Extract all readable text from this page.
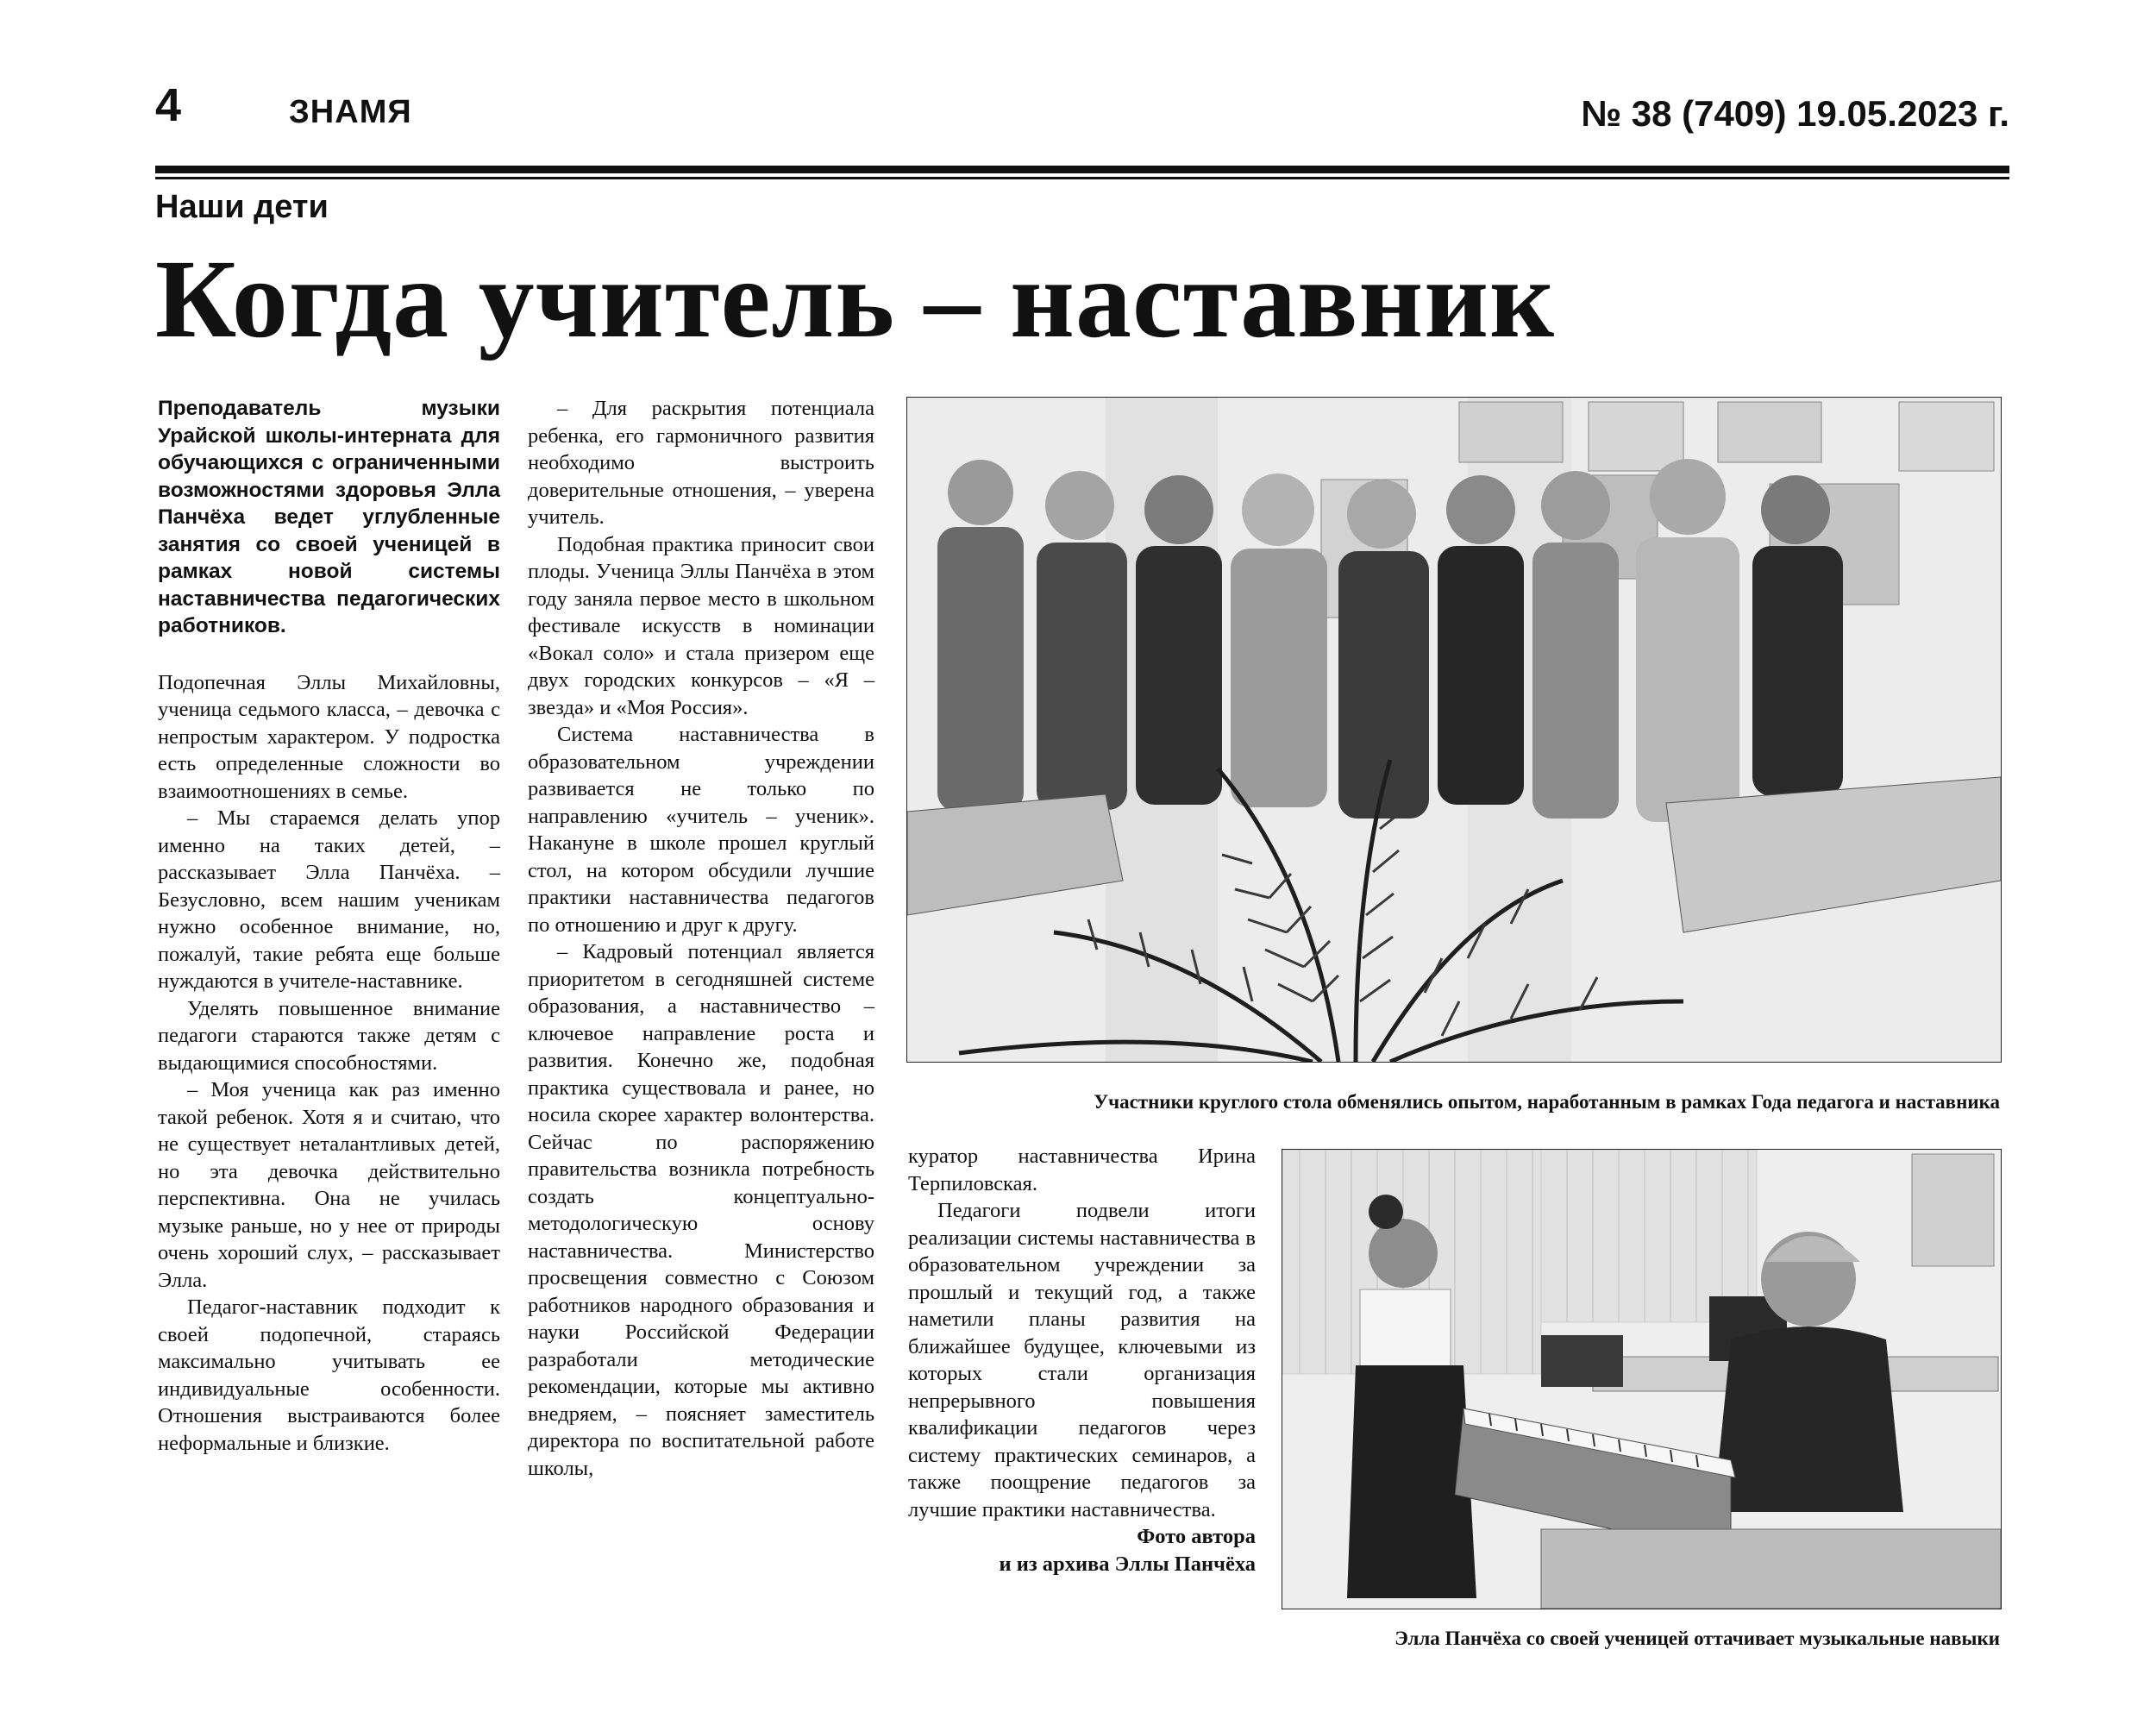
4	ЗНАМЯ	№ 38 (7409) 19.05.2023 г.
Наши дети
Когда учитель – наставник

Преподаватель музыки Урайской школы-интерната для обучающихся с ограниченными возможностями здоровья Элла Панчёха ведет углубленные занятия со своей ученицей в рамках новой системы наставничества педагогических работников.

Подопечная Эллы Михайловны, ученица седьмого класса, – девочка с непростым характером. У подростка есть определенные сложности во взаимоотношениях в семье.

– Мы стараемся делать упор именно на таких детей, – рассказывает Элла Панчёха. – Безусловно, всем нашим ученикам нужно особенное внимание, но, пожалуй, такие ребята еще больше нуждаются в учителе-наставнике.

Уделять повышенное внимание педагоги стараются также детям с выдающимися способностями.

– Моя ученица как раз именно такой ребенок. Хотя я и считаю, что не существует неталантливых детей, но эта девочка действительно перспективна. Она не училась музыке раньше, но у нее от природы очень хороший слух, – рассказывает Элла.

Педагог-наставник подходит к своей подопечной, стараясь максимально учитывать ее индивидуальные особенности. Отношения выстраиваются более неформальные и близкие.

– Для раскрытия потенциала ребенка, его гармоничного развития необходимо выстроить доверительные отношения, – уверена учитель.

Подобная практика приносит свои плоды. Ученица Эллы Панчёха в этом году заняла первое место в школьном фестивале искусств в номинации «Вокал соло» и стала призером еще двух городских конкурсов – «Я – звезда» и «Моя Россия».

Система наставничества в образовательном учреждении развивается не только по направлению «учитель – ученик». Накануне в школе прошел круглый стол, на котором обсудили лучшие практики наставничества педагогов по отношению и друг к другу.

– Кадровый потенциал является приоритетом в сегодняшней системе образования, а наставничество – ключевое направление роста и развития. Конечно же, подобная практика существовала и ранее, но носила скорее характер волонтерства. Сейчас по распоряжению правительства возникла потребность создать концептуально-методологическую основу наставничества. Министерство просвещения совместно с Союзом работников народного образования и науки Российской Федерации разработали методические рекомендации, которые мы активно внедряем, – поясняет заместитель директора по воспитательной работе школы,

Участники круглого стола обменялись опытом, наработанным в рамках Года педагога и наставника

куратор наставничества Ирина Терпиловская.

Педагоги подвели итоги реализации системы наставничества в образовательном учреждении за прошлый и текущий год, а также наметили планы развития на ближайшее будущее, ключевыми из которых стали организация непрерывного повышения квалификации педагогов через систему практических семинаров, а также поощрение педагогов за лучшие практики наставничества.

Фото автора
и из архива Эллы Панчёха

Элла Панчёха со своей ученицей оттачивает музыкальные навыки
